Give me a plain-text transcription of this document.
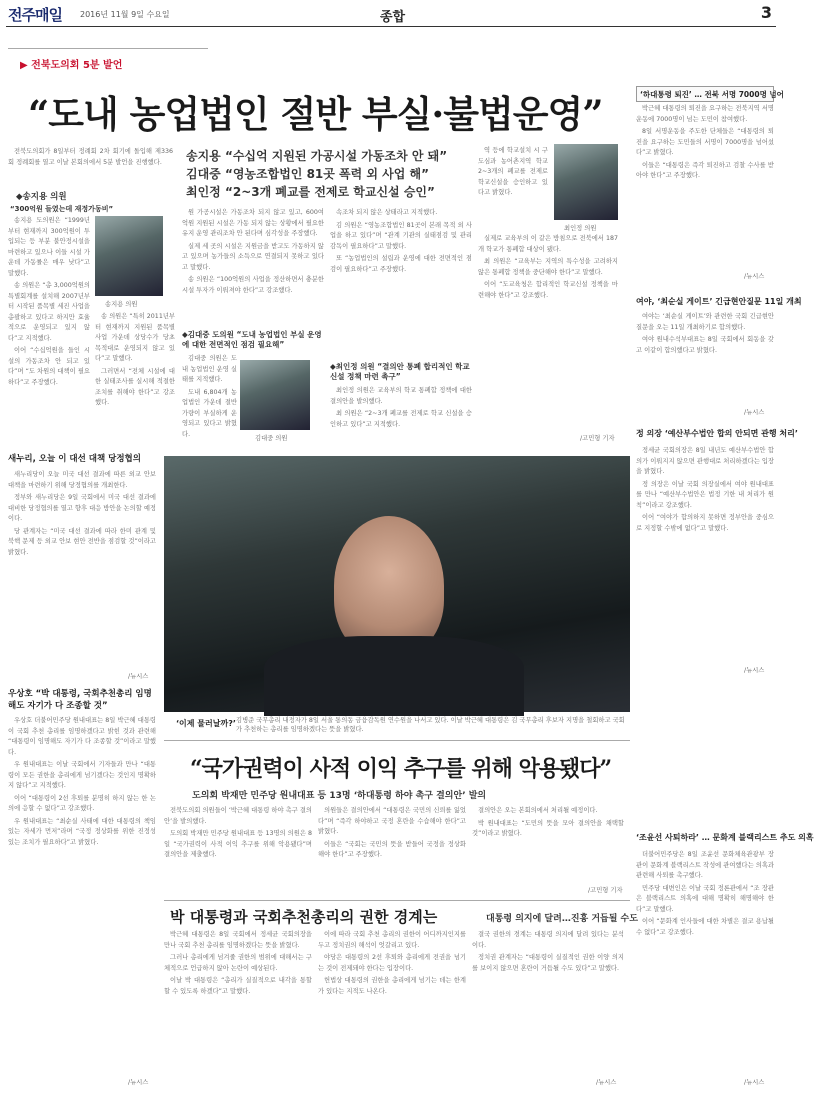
전주매일 2016년 11월 9일 수요일	종합	3
▶ 전북도의회 5분 발언
“도내 농업법인 절반 부실·불법운영”
송지용 “수십억 지원된 가공시설 가동조차 안 돼”
김대중 “영농조합법인 81곳 폭력 외 사업 해”
최인정 “2~3개 폐교를 전제로 학교신설 승인”

전북도의회가 8일부터 정례회 2차 회기에 돌입해 제336회 정례회를 열고 이날 본회의에서 5분 발언을 진행했다.

◆송지용 의원
“300억원 들였는데 재정가동비”

송지용 도의원은 “1999년부터 현재까지 300억원이 투입되는 등 부분 불안정시설을 마련하고 있으나 이들 시설 가운데 가동률은 매우 낮다”고 말했다.

송 의원은 “총 3,000억원의 특별회계를 설치해 2007년부터 시작된 품목별 세진 사업을 총괄하고 있다고 하지만 효율적으로 운영되고 있지 않다”고 지적했다.

이어 “수십억원을 들인 시설의 가동조차 안 되고 있다”며 “도 차원의 대책이 필요하다”고 주장했다.

송지용 의원

송 의원은 “특히 2011년부터 현재까지 지원된 품목별 사업 가운데 상당수가 당초 목적대로 운영되지 않고 있다”고 말했다.

그러면서 “전체 시설에 대한 실태조사를 실시해 적절한 조치를 취해야 한다”고 강조했다.

원 가공시설은 가동조차 되지 않고 있고, 600여 억원 지원된 시설은 가동 되지 않는 상황에서 필요한 유지 운영 관리조차 안 된다며 심각성을 주장했다.

실제 세 곳의 시설은 지원금을 받고도 가동하지 않고 있으며 농가들의 소득으로 연결되지 못하고 있다고 말했다.

송 의원은 “100억원의 사업을 정산하면서 충분한 시설 투자가 이뤄져야 한다”고 강조했다.

◆김대중 도의원 “도내 농업법인 부실 운영에 대한 전면적인 점검 필요해”

김대중 의원은 도내 농업법인 운영 실태를 지적했다.

도내 6,804개 농업법인 가운데 절반 가량이 부실하게 운영되고 있다고 밝혔다.

김대중 의원

속조차 되지 않은 상태라고 지적했다.

김 의원은 “영농조합법인 81곳이 본래 목적 외 사업을 하고 있다”며 “관계 기관의 실태점검 및 관리감독이 필요하다”고 말했다.

또 “농업법인의 설립과 운영에 대한 전면적인 점검이 필요하다”고 주장했다.

◆최인정 의원 “결의안 통폐 합리적인 학교신설 정책 마련 촉구”

최인정 의원은 교육부의 학교 통폐합 정책에 대한 결의안을 발의했다.

최 의원은 “2~3개 폐교를 전제로 학교 신설을 승인하고 있다”고 지적했다.

역 등에 학교설치 시 구도심과 농어촌지역 학교 2~3개의 폐교를 전제로 학교신설을 승인하고 있다고 밝혔다.

최인정 의원

실제로 교육부의 이 같은 방침으로 전북에서 187개 학교가 통폐합 대상이 됐다.

최 의원은 “교육부는 지역의 특수성을 고려하지 않은 통폐합 정책을 중단해야 한다”고 말했다.

이어 “도교육청은 합리적인 학교신설 정책을 마련해야 한다”고 강조했다.

/고민형 기자
‘하대통령 퇴진’ … 전북 서명 7000명 넘어

박근혜 대통령의 퇴진을 요구하는 전북지역 서명 운동에 7000명이 넘는 도민이 참여했다.

8일 서명운동을 주도한 단체들은 “대통령의 퇴진을 요구하는 도민들의 서명이 7000명을 넘어섰다”고 밝혔다.

이들은 “대통령은 즉각 퇴진하고 검찰 수사를 받아야 한다”고 주장했다.

/뉴시스
여야, ‘최순실 게이트’ 긴급현안질문 11일 개최

여야는 ‘최순실 게이트’와 관련한 국회 긴급현안질문을 오는 11일 개최하기로 합의했다.

여야 원내수석부대표는 8일 국회에서 회동을 갖고 이같이 합의했다고 밝혔다.

/뉴시스
정 의장 ‘예산부수법안 합의 안되면 관행 처리’

정세균 국회의장은 8일 내년도 예산부수법안 합의가 이뤄지지 않으면 관행대로 처리하겠다는 입장을 밝혔다.

정 의장은 이날 국회 의장실에서 여야 원내대표를 만나 “예산부수법안은 법정 기한 내 처리가 원칙”이라고 강조했다.

이어 “여야가 합의하지 못하면 정부안을 중심으로 지정할 수밖에 없다”고 말했다.

/뉴시스
‘조윤선 사퇴하라’ … 문화계 블랙리스트 추도 의혹

더불어민주당은 8일 조윤선 문화체육관광부 장관이 문화계 블랙리스트 작성에 관여했다는 의혹과 관련해 사퇴를 촉구했다.

민주당 대변인은 이날 국회 정론관에서 “조 장관은 블랙리스트 의혹에 대해 명확히 해명해야 한다”고 말했다.

이어 “문화계 인사들에 대한 차별은 결코 용납될 수 없다”고 강조했다.

/뉴시스
새누리, 오늘 이 대선 대책 당정협의

새누리당이 오늘 미국 대선 결과에 따른 외교 안보 대책을 마련하기 위해 당정협의를 개최한다.

정부와 새누리당은 9일 국회에서 미국 대선 결과에 대비한 당정협의를 열고 향후 대응 방안을 논의할 예정이다.

당 관계자는 “미국 대선 결과에 따라 한미 관계 및 북핵 문제 등 외교 안보 현안 전반을 점검할 것”이라고 밝혔다.

/뉴시스
우상호 “박 대통령, 국회추천총리 임명해도 자기가 다 조종할 것”

우상호 더불어민주당 원내대표는 8일 박근혜 대통령이 국회 추천 총리를 임명하겠다고 밝힌 것과 관련해 “대통령이 임명해도 자기가 다 조종할 것”이라고 말했다.

우 원내대표는 이날 국회에서 기자들과 만나 “대통령이 모든 권한을 총리에게 넘기겠다는 것인지 명확하지 않다”고 지적했다.

이어 “대통령이 2선 후퇴를 분명히 하지 않는 한 논의에 응할 수 없다”고 강조했다.

우 원내대표는 “최순실 사태에 대한 대통령의 책임 있는 자세가 먼저”라며 “국정 정상화를 위한 진정성 있는 조치가 필요하다”고 밝혔다.

/뉴시스
‘이제 물러날까?’ 김병준 국무총리 내정자가 8일 서울 통의동 금융감독원 연수원을 나서고 있다. 이날 박근혜 대통령은 김 국무총리 후보자 지명을 철회하고 국회가 추천하는 총리를 임명하겠다는 뜻을 밝혔다.
“국가권력이 사적 이익 추구를 위해 악용됐다”
도의회 박재만 민주당 원내대표 등 13명 ‘하대통령 하야 촉구 결의안’ 발의

전북도의회 의원들이 ‘박근혜 대통령 하야 촉구 결의안’을 발의했다.

도의회 박재만 민주당 원내대표 등 13명의 의원은 8일 “국가권력이 사적 이익 추구를 위해 악용됐다”며 결의안을 제출했다.

의원들은 결의안에서 “대통령은 국민의 신뢰를 잃었다”며 “즉각 하야하고 국정 혼란을 수습해야 한다”고 밝혔다.

이들은 “국회는 국민의 뜻을 받들어 국정을 정상화해야 한다”고 주장했다.

결의안은 오는 본회의에서 처리될 예정이다.

박 원내대표는 “도민의 뜻을 모아 결의안을 채택할 것”이라고 밝혔다.

/고민형 기자
박 대통령과 국회추천총리의 권한 경계는	대통령 의지에 달려…진흥 거듭될 수도

박근혜 대통령은 8일 국회에서 정세균 국회의장을 만나 국회 추천 총리를 임명하겠다는 뜻을 밝혔다.

그러나 총리에게 넘겨줄 권한의 범위에 대해서는 구체적으로 언급하지 않아 논란이 예상된다.

이날 박 대통령은 “총리가 실질적으로 내각을 통할할 수 있도록 하겠다”고 말했다.

이에 따라 국회 추천 총리의 권한이 어디까지인지를 두고 정치권의 해석이 엇갈리고 있다.

야당은 대통령의 2선 후퇴와 총리에게 전권을 넘기는 것이 전제돼야 한다는 입장이다.

헌법상 대통령의 권한을 총리에게 넘기는 데는 한계가 있다는 지적도 나온다.

결국 권한의 경계는 대통령 의지에 달려 있다는 분석이다.

정치권 관계자는 “대통령이 실질적인 권한 이양 의지를 보이지 않으면 혼란이 거듭될 수도 있다”고 말했다.

/뉴시스
